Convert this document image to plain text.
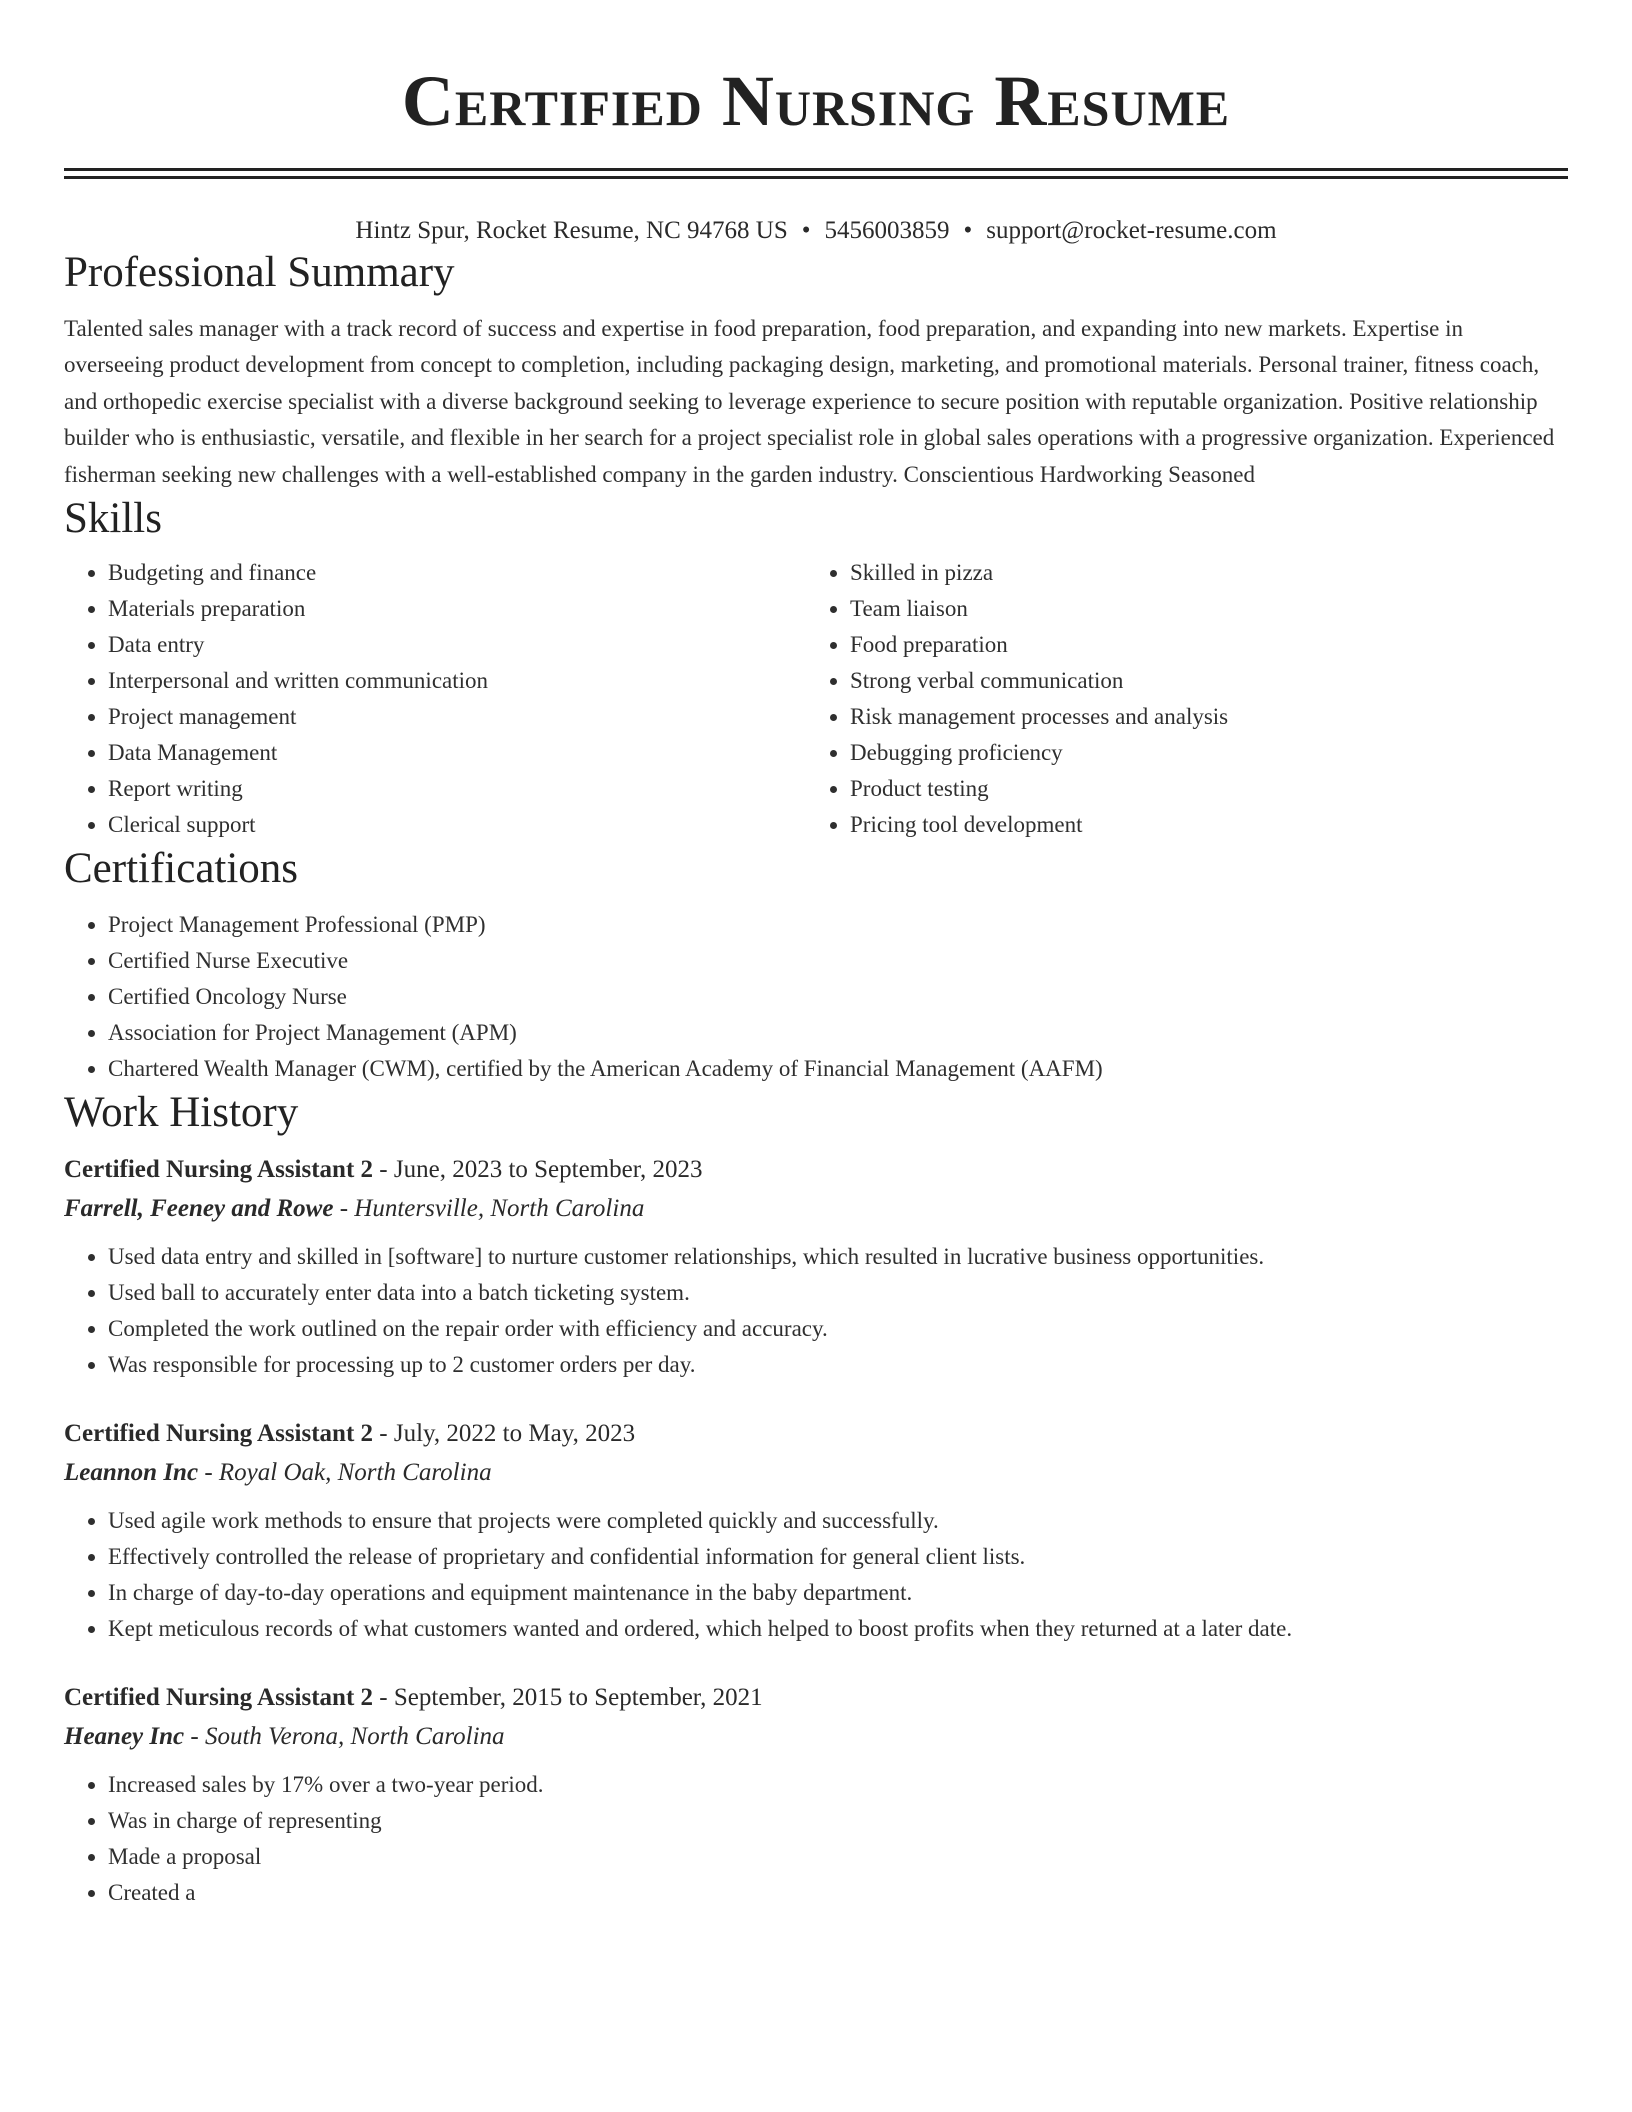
Certified Nursing Resume
Hintz Spur, Rocket Resume, NC 94768 US • 5456003859 • support@rocket-resume.com
Professional Summary

Talented sales manager with a track record of success and expertise in food preparation, food preparation, and expanding into new markets. Expertise in overseeing product development from concept to completion, including packaging design, marketing, and promotional materials. Personal trainer, fitness coach, and orthopedic exercise specialist with a diverse background seeking to leverage experience to secure position with reputable organization. Positive relationship builder who is enthusiastic, versatile, and flexible in her search for a project specialist role in global sales operations with a progressive organization. Experienced fisherman seeking new challenges with a well-established company in the garden industry. Conscientious Hardworking Seasoned

Skills
• Budgeting and finance
• Materials preparation
• Data entry
• Interpersonal and written communication
• Project management
• Data Management
• Report writing
• Clerical support
• Skilled in pizza
• Team liaison
• Food preparation
• Strong verbal communication
• Risk management processes and analysis
• Debugging proficiency
• Product testing
• Pricing tool development
Certifications
• Project Management Professional (PMP)
• Certified Nurse Executive
• Certified Oncology Nurse
• Association for Project Management (APM)
• Chartered Wealth Manager (CWM), certified by the American Academy of Financial Management (AAFM)
Work History
Certified Nursing Assistant 2 - June, 2023 to September, 2023
Farrell, Feeney and Rowe - Huntersville, North Carolina
• Used data entry and skilled in [software] to nurture customer relationships, which resulted in lucrative business opportunities.
• Used ball to accurately enter data into a batch ticketing system.
• Completed the work outlined on the repair order with efficiency and accuracy.
• Was responsible for processing up to 2 customer orders per day.
Certified Nursing Assistant 2 - July, 2022 to May, 2023
Leannon Inc - Royal Oak, North Carolina
• Used agile work methods to ensure that projects were completed quickly and successfully.
• Effectively controlled the release of proprietary and confidential information for general client lists.
• In charge of day-to-day operations and equipment maintenance in the baby department.
• Kept meticulous records of what customers wanted and ordered, which helped to boost profits when they returned at a later date.
Certified Nursing Assistant 2 - September, 2015 to September, 2021
Heaney Inc - South Verona, North Carolina
• Increased sales by 17% over a two-year period.
• Was in charge of representing
• Made a proposal
• Created a
